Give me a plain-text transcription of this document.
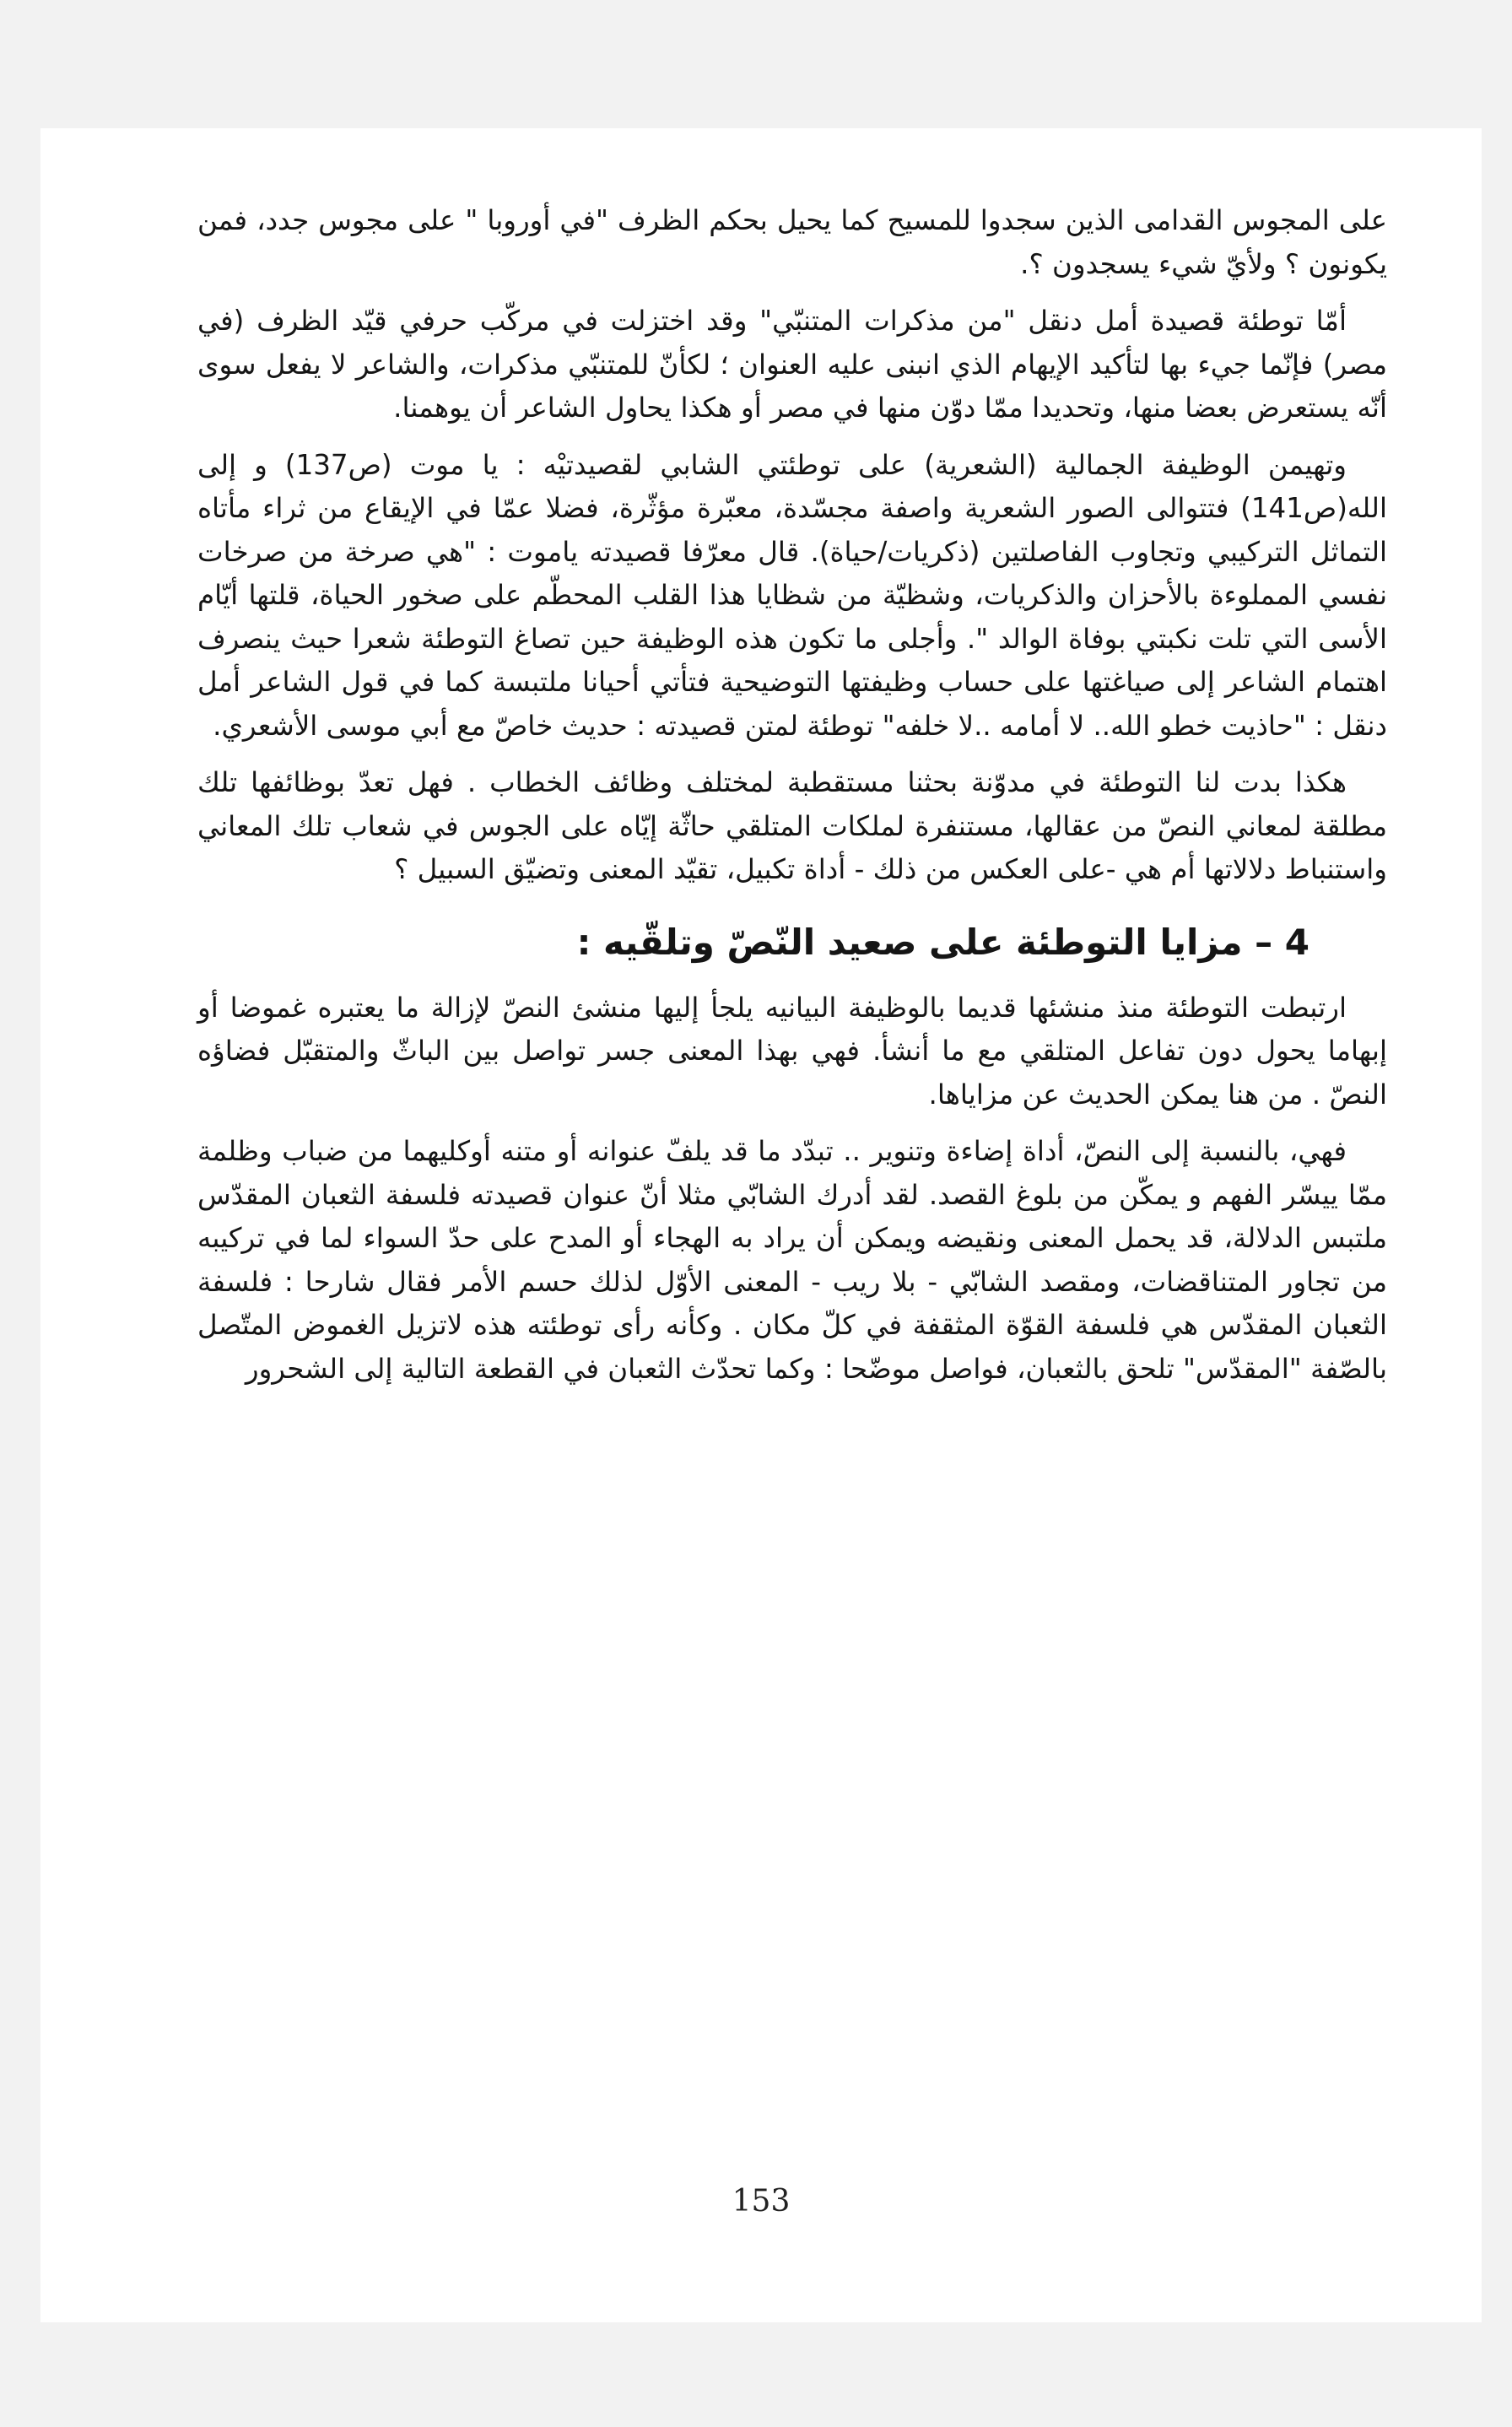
على المجوس القدامى الذين سجدوا للمسيح كما يحيل بحكم الظرف "في أوروبا " على مجوس جدد، فمن يكونون ؟ ولأيّ شيء يسجدون ؟.

أمّا توطئة قصيدة أمل دنقل "من مذكرات المتنبّي" وقد اختزلت في مركّب حرفي قيّد الظرف (في مصر) فإنّما جيء بها لتأكيد الإيهام الذي انبنى عليه العنوان ؛ لكأنّ للمتنبّي مذكرات، والشاعر لا يفعل سوى أنّه يستعرض بعضا منها، وتحديدا ممّا دوّن منها في مصر أو هكذا يحاول الشاعر أن يوهمنا.

وتهيمن الوظيفة الجمالية (الشعرية) على توطئتي الشابي لقصيدتيْه : يا موت (ص137) و إلى الله(ص141) فتتوالى الصور الشعرية واصفة مجسّدة، معبّرة مؤثّرة، فضلا عمّا في الإيقاع من ثراء مأتاه التماثل التركيبي وتجاوب الفاصلتين (ذكريات/حياة). قال معرّفا قصيدته ياموت : "هي صرخة من صرخات نفسي المملوءة بالأحزان والذكريات، وشظيّة من شظايا هذا القلب المحطّم على صخور الحياة، قلتها أيّام الأسى التي تلت نكبتي بوفاة الوالد ". وأجلى ما تكون هذه الوظيفة حين تصاغ التوطئة شعرا حيث ينصرف اهتمام الشاعر إلى صياغتها على حساب وظيفتها التوضيحية فتأتي أحيانا ملتبسة كما في قول الشاعر أمل دنقل : "حاذيت خطو الله.. لا أمامه ..لا خلفه" توطئة لمتن قصيدته : حديث خاصّ مع أبي موسى الأشعري.

هكذا بدت لنا التوطئة في مدوّنة بحثنا مستقطبة لمختلف وظائف الخطاب . فهل تعدّ بوظائفها تلك مطلقة لمعاني النصّ من عقالها، مستنفرة لملكات المتلقي حاثّة إيّاه على الجوس في شعاب تلك المعاني واستنباط دلالاتها أم هي -على العكس من ذلك - أداة تكبيل، تقيّد المعنى وتضيّق السبيل ؟

4 – مزايا التوطئة على صعيد النّصّ وتلقّيه :

ارتبطت التوطئة منذ منشئها قديما بالوظيفة البيانيه يلجأ إليها منشئ النصّ لإزالة ما يعتبره غموضا أو إبهاما يحول دون تفاعل المتلقي مع ما أنشأ. فهي بهذا المعنى جسر تواصل بين الباثّ والمتقبّل فضاؤه النصّ . من هنا يمكن الحديث عن مزاياها.

فهي، بالنسبة إلى النصّ، أداة إضاءة وتنوير .. تبدّد ما قد يلفّ عنوانه أو متنه أوكليهما من ضباب وظلمة ممّا ييسّر الفهم و يمكّن من بلوغ القصد. لقد أدرك الشابّي مثلا أنّ عنوان قصيدته فلسفة الثعبان المقدّس ملتبس الدلالة، قد يحمل المعنى ونقيضه ويمكن أن يراد به الهجاء أو المدح على حدّ السواء لما في تركيبه من تجاور المتناقضات، ومقصد الشابّي - بلا ريب - المعنى الأوّل لذلك حسم الأمر فقال شارحا : فلسفة الثعبان المقدّس هي فلسفة القوّة المثقفة في كلّ مكان . وكأنه رأى توطئته هذه لاتزيل الغموض المتّصل بالصّفة "المقدّس" تلحق بالثعبان، فواصل موضّحا : وكما تحدّث الثعبان في القطعة التالية إلى الشحرور

153
